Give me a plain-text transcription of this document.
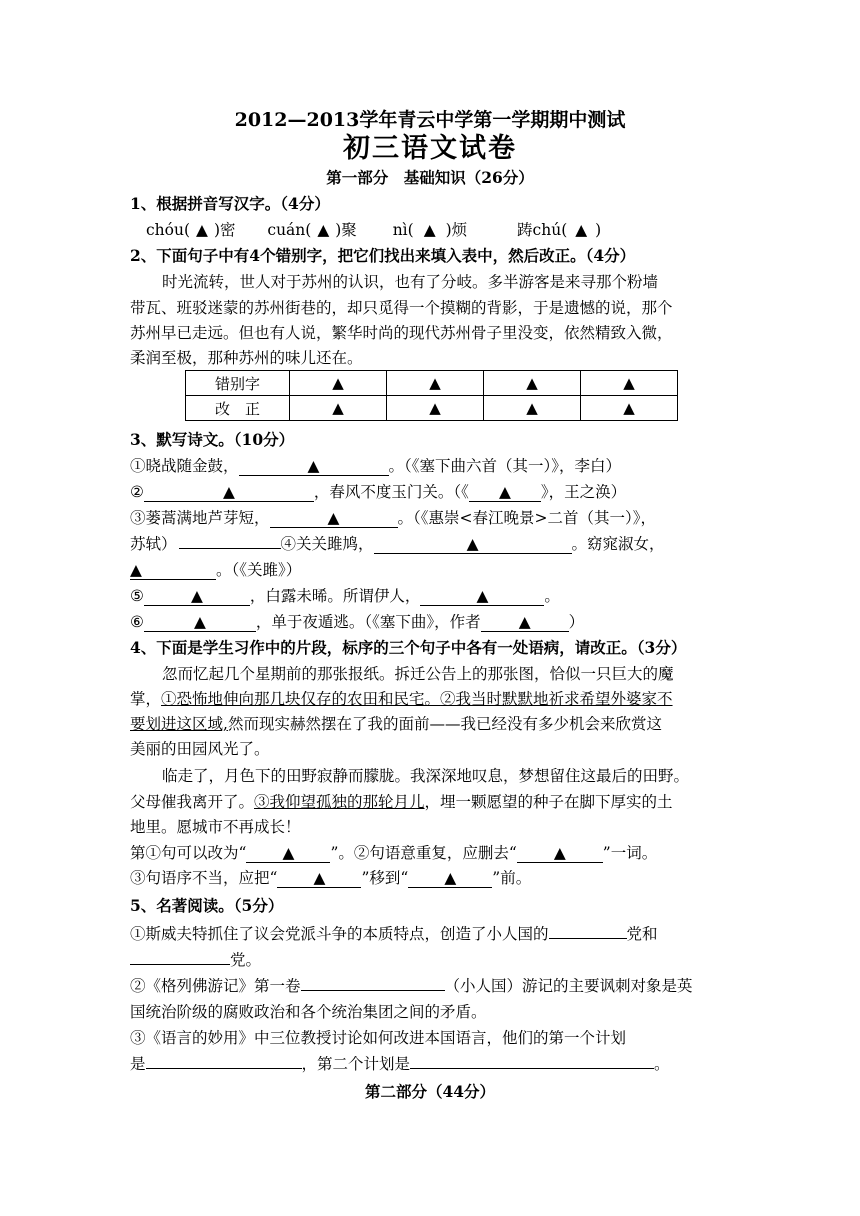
2012—2013学年青云中学第一学期期中测试
初三语文试卷
第一部分　基础知识（26分）
1、根据拼音写汉字。（4分）
chóu( ▲ )密 cuán( ▲ )聚 nì( ▲ )烦	踌chú( ▲ )
2、下面句子中有4个错别字，把它们找出来填入表中，然后改正。（4分）
时光流转，世人对于苏州的认识，也有了分岐。多半游客是来寻那个粉墙
带瓦、班驳迷蒙的苏州街巷的，却只觅得一个摸糊的背影，于是遗憾的说，那个
苏州早已走远。但也有人说，繁华时尚的现代苏州骨子里没变，依然精致入微，
柔润至极，那种苏州的味儿还在。
错别字	▲	▲	▲	▲
改　正	▲	▲	▲	▲
3、默写诗文。（10分）
①晓战随金鼓，	▲	。（《塞下曲六首（其一）》，李白）
②	▲	，春风不度玉门关。（《 ▲ 》，王之涣）
③蒌蒿满地芦芽短，	▲	。（《惠崇<春江晚景>二首（其一）》，
苏轼）	④关关雎鸠，	▲	。窈窕淑女，
▲	。（《关雎》）
⑤	▲	，白露未晞。所谓伊人，	▲	。
⑥	▲	，单于夜遁逃。（《塞下曲》，作者 ▲ ）
4、下面是学生习作中的片段，标序的三个句子中各有一处语病，请改正。（3分）
忽而忆起几个星期前的那张报纸。拆迁公告上的那张图，恰似一只巨大的魔
掌，①恐怖地伸向那几块仅存的农田和民宅。②我当时默默地祈求希望外婆家不
要划进这区域,然而现实赫然摆在了我的面前——我已经没有多少机会来欣赏这
美丽的田园风光了。
临走了，月色下的田野寂静而朦胧。我深深地叹息，梦想留住这最后的田野。
父母催我离开了。③我仰望孤独的那轮月儿，埋一颗愿望的种子在脚下厚实的土
地里。愿城市不再成长！
第①句可以改为“ ▲ ”。②句语意重复，应删去“ ▲ ”一词。
③句语序不当，应把“ ▲ ”移到“ ▲ ”前。
5、名著阅读。（5分）
①斯威夫特抓住了议会党派斗争的本质特点，创造了小人国的	党和
党。
②《格列佛游记》第一卷	（小人国）游记的主要讽刺对象是英
国统治阶级的腐败政治和各个统治集团之间的矛盾。
③《语言的妙用》中三位教授讨论如何改进本国语言，他们的第一个计划
是	，第二个计划是	。
第二部分（44分）
